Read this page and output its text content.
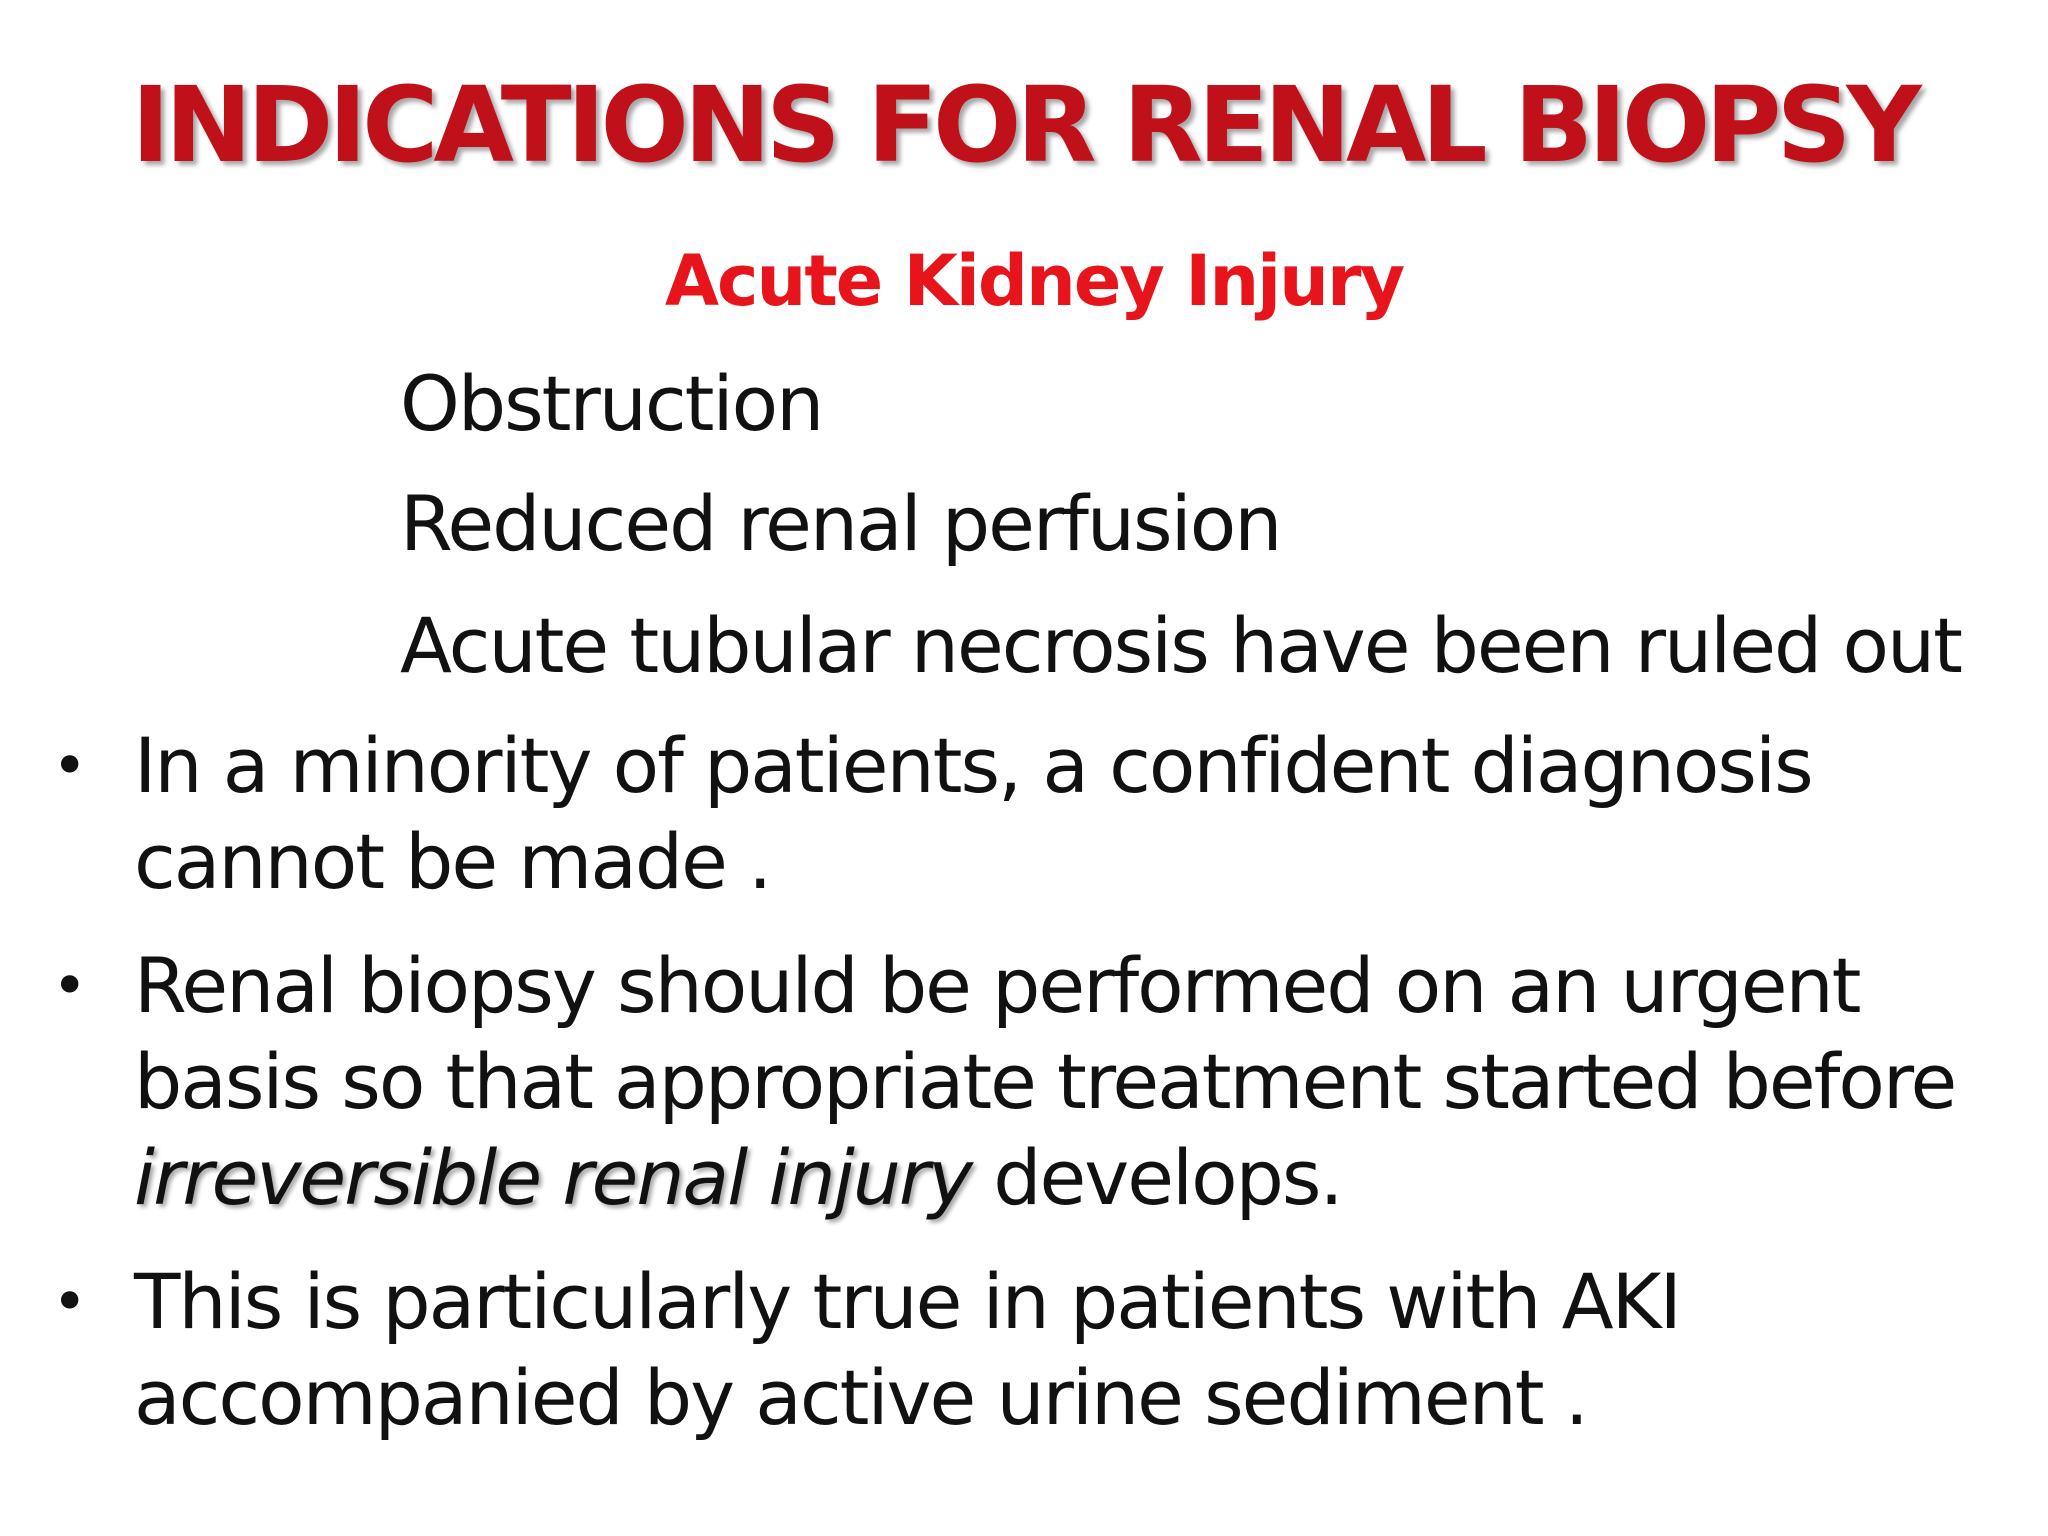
INDICATIONS FOR RENAL BIOPSY
Acute Kidney Injury
Obstruction
Reduced renal perfusion
Acute tubular necrosis have been ruled out
• In a minority of patients, a confident diagnosis cannot be made .
• Renal biopsy should be performed on an urgent basis so that appropriate treatment started before irreversible renal injury develops.
• This is particularly true in patients with AKI accompanied by active urine sediment .
